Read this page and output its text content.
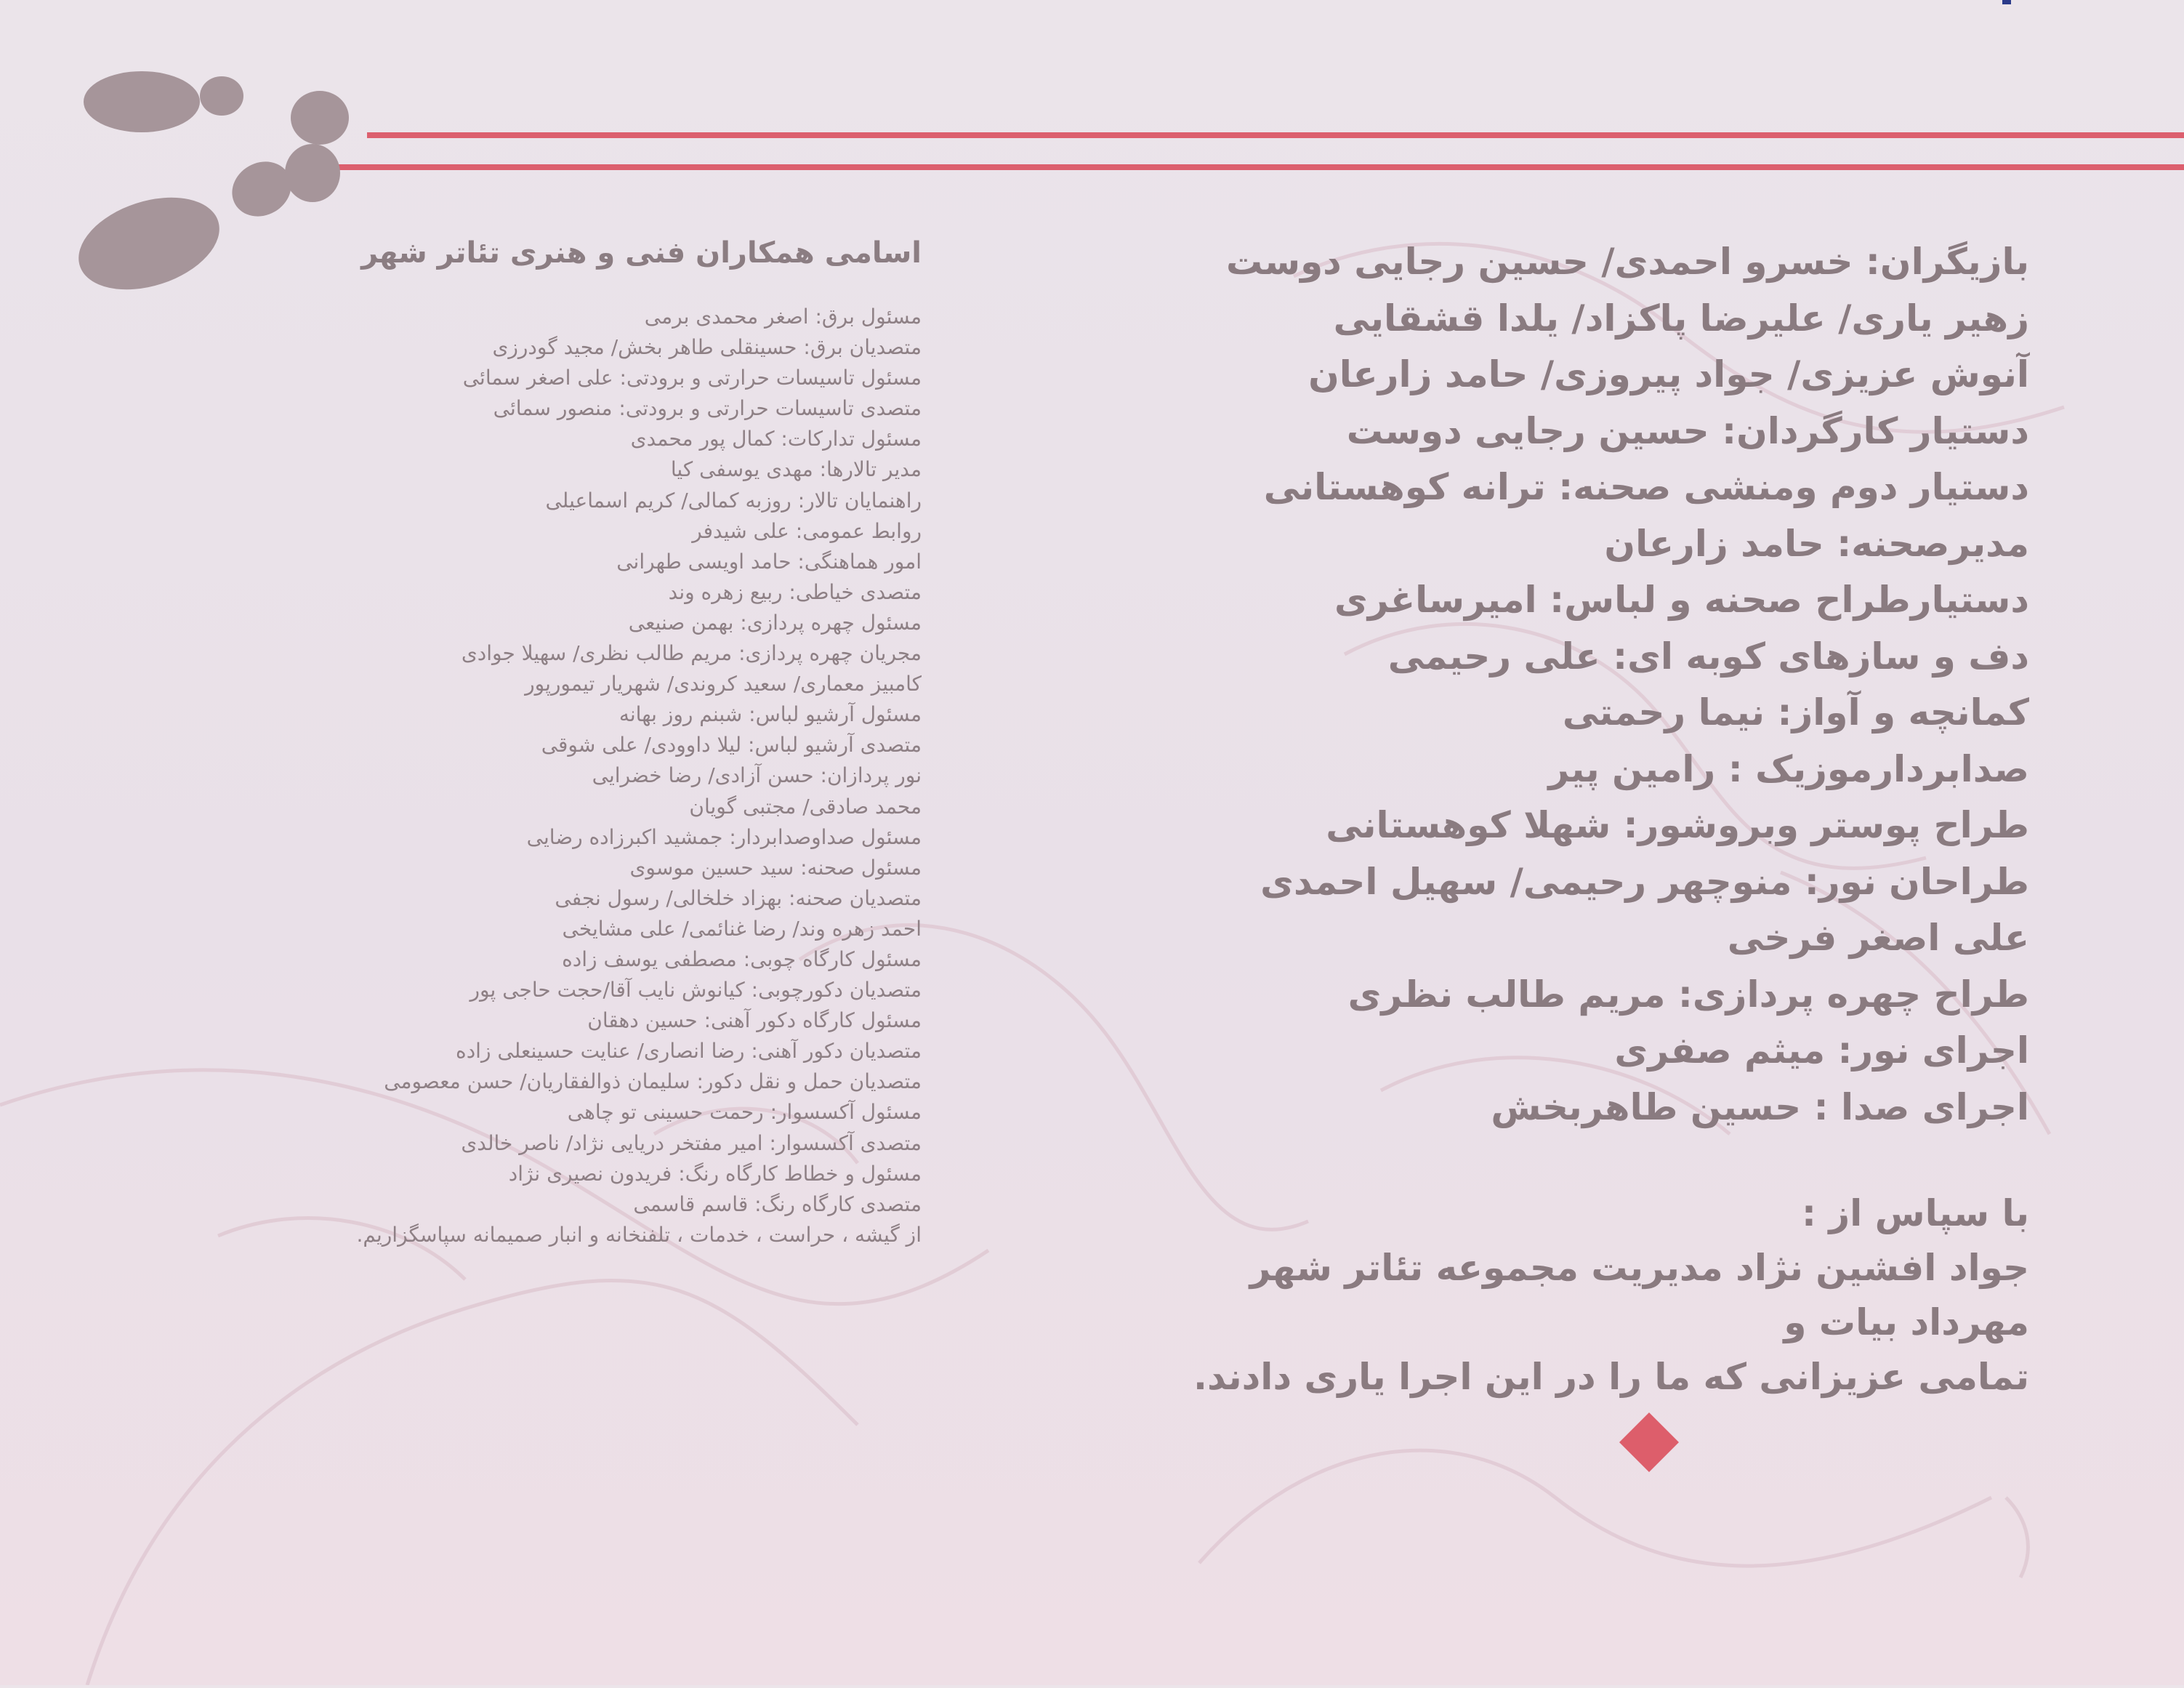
اسامی همکاران فنی و هنری تئاتر شهر
مسئول برق: اصغر محمدی برمی
متصدیان برق: حسینقلی طاهر بخش/ مجید گودرزی
مسئول تاسیسات حرارتی و برودتی: علی اصغر سمائی
متصدی تاسیسات حرارتی و برودتی: منصور سمائی
مسئول تدارکات: کمال پور محمدی
مدیر تالارها: مهدی یوسفی کیا
راهنمایان تالار: روزبه کمالی/ کریم اسماعیلی
روابط عمومی: علی شیدفر
امور هماهنگی: حامد اویسی طهرانی
متصدی خیاطی: ربیع زهره وند
مسئول چهره پردازی: بهمن صنیعی
مجریان چهره پردازی: مریم طالب نظری/ سهیلا جوادی
کامبیز معماری/ سعید کروندی/ شهریار تیمورپور
مسئول آرشیو لباس: شبنم روز بهانه
متصدی آرشیو لباس: لیلا داوودی/ علی شوقی
نور پردازان: حسن آزادی/ رضا خضرایی
محمد صادقی/ مجتبی گویان
مسئول صداوصدابردار: جمشید اکبرزاده رضایی
مسئول صحنه: سید حسین موسوی
متصدیان صحنه: بهزاد خلخالی/ رسول نجفی
احمد زهره وند/ رضا غنائمی/ علی مشایخی
مسئول کارگاه چوبی: مصطفی یوسف زاده
متصدیان دکورچوبی: کیانوش نایب آقا/حجت حاجی پور
مسئول کارگاه دکور آهنی: حسین دهقان
متصدیان دکور آهنی: رضا انصاری/ عنایت حسینعلی زاده
متصدیان حمل و نقل دکور: سلیمان ذوالفقاریان/ حسن معصومی
مسئول آکسسوار: رحمت حسینی تو چاهی
متصدی آکسسوار: امیر مفتخر دریایی نژاد/ ناصر خالدی
مسئول و خطاط کارگاه رنگ: فریدون نصیری نژاد
متصدی کارگاه رنگ: قاسم قاسمی
از گیشه ، حراست ، خدمات ، تلفنخانه و انبار صمیمانه سپاسگزاریم.
بازیگران: خسرو احمدی/ حسین رجایی دوست
زهیر یاری/ علیرضا پاکزاد/ یلدا قشقایی
آنوش عزیزی/ جواد پیروزی/ حامد زارعان
دستیار کارگردان: حسین رجایی دوست
دستیار دوم ومنشی صحنه: ترانه کوهستانی
مدیرصحنه: حامد زارعان
دستیارطراح صحنه و لباس: امیرساغری
دف و سازهای کوبه ای: علی رحیمی
کمانچه و آواز: نیما رحمتی
صدابردارموزیک : رامین پیر
طراح پوستر وبروشور: شهلا کوهستانی
طراحان نور: منوچهر رحیمی/ سهیل احمدی
علی اصغر فرخی
طراح چهره پردازی: مریم طالب نظری
اجرای نور: میثم صفری
اجرای صدا : حسین طاهربخش
با سپاس از :
جواد افشین نژاد مدیریت مجموعه تئاتر شهر
مهرداد بیات و
تمامی عزیزانی که ما را در این اجرا یاری دادند.
